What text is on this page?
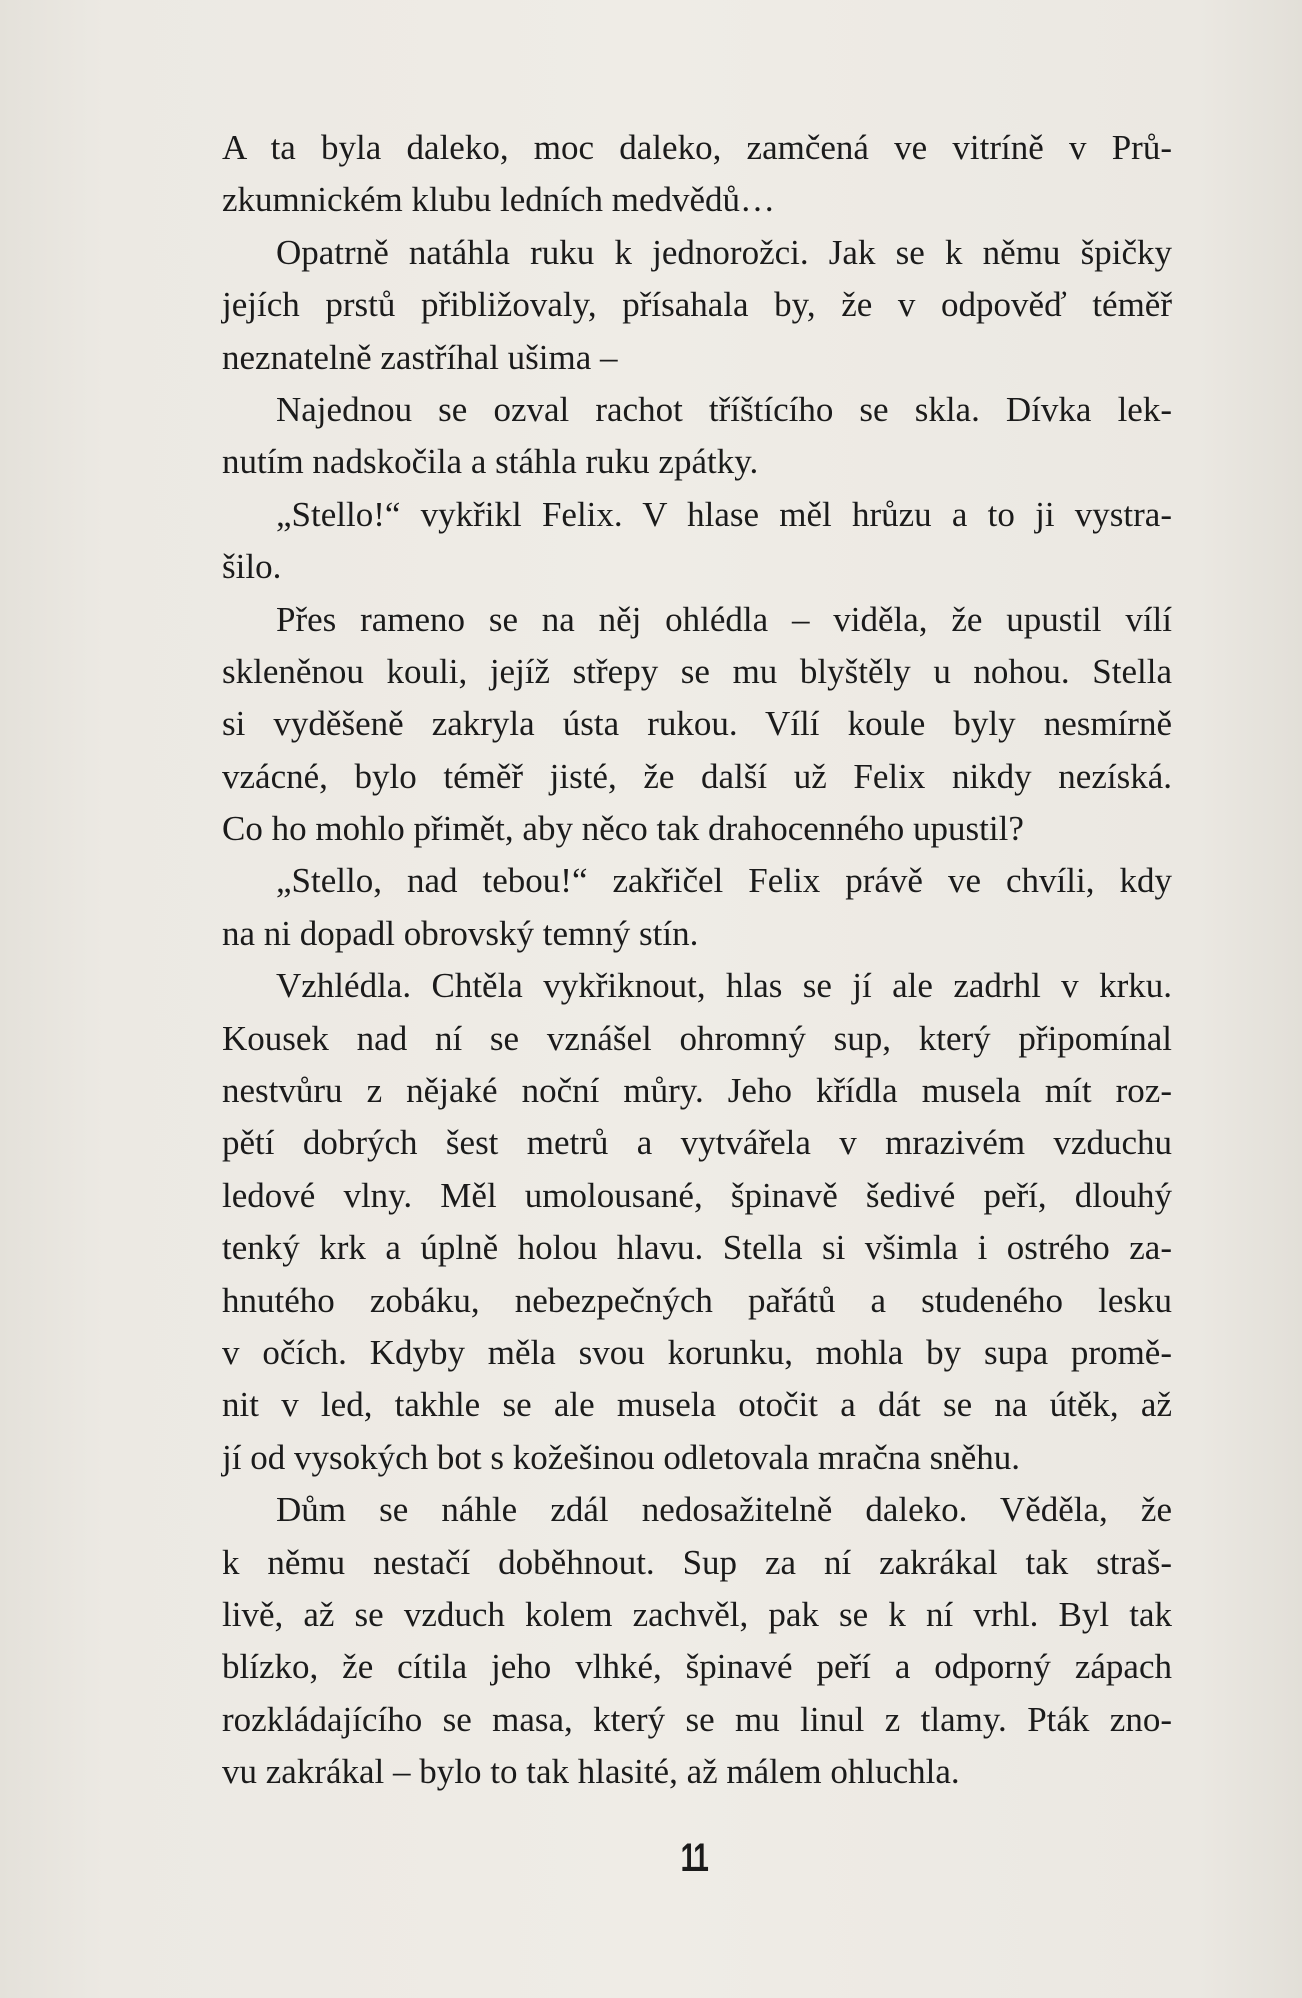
A ta byla daleko, moc daleko, zamčená ve vitríně v Prů-
zkumnickém klubu ledních medvědů…
Opatrně natáhla ruku k jednorožci. Jak se k němu špičky
jejích prstů přibližovaly, přísahala by, že v odpověď téměř
neznatelně zastříhal ušima –
Najednou se ozval rachot tříštícího se skla. Dívka lek-
nutím nadskočila a stáhla ruku zpátky.
„Stello!“ vykřikl Felix. V hlase měl hrůzu a to ji vystra-
šilo.
Přes rameno se na něj ohlédla – viděla, že upustil vílí
skleněnou kouli, jejíž střepy se mu blyštěly u nohou. Stella
si vyděšeně zakryla ústa rukou. Vílí koule byly nesmírně
vzácné, bylo téměř jisté, že další už Felix nikdy nezíská.
Co ho mohlo přimět, aby něco tak drahocenného upustil?
„Stello, nad tebou!“ zakřičel Felix právě ve chvíli, kdy
na ni dopadl obrovský temný stín.
Vzhlédla. Chtěla vykřiknout, hlas se jí ale zadrhl v krku.
Kousek nad ní se vznášel ohromný sup, který připomínal
nestvůru z nějaké noční můry. Jeho křídla musela mít roz-
pětí dobrých šest metrů a vytvářela v mrazivém vzduchu
ledové vlny. Měl umolousané, špinavě šedivé peří, dlouhý
tenký krk a úplně holou hlavu. Stella si všimla i ostrého za-
hnutého zobáku, nebezpečných pařátů a studeného lesku
v očích. Kdyby měla svou korunku, mohla by supa promě-
nit v led, takhle se ale musela otočit a dát se na útěk, až
jí od vysokých bot s kožešinou odletovala mračna sněhu.
Dům se náhle zdál nedosažitelně daleko. Věděla, že
k němu nestačí doběhnout. Sup za ní zakrákal tak straš-
livě, až se vzduch kolem zachvěl, pak se k ní vrhl. Byl tak
blízko, že cítila jeho vlhké, špinavé peří a odporný zápach
rozkládajícího se masa, který se mu linul z tlamy. Pták zno-
vu zakrákal – bylo to tak hlasité, až málem ohluchla.
11
